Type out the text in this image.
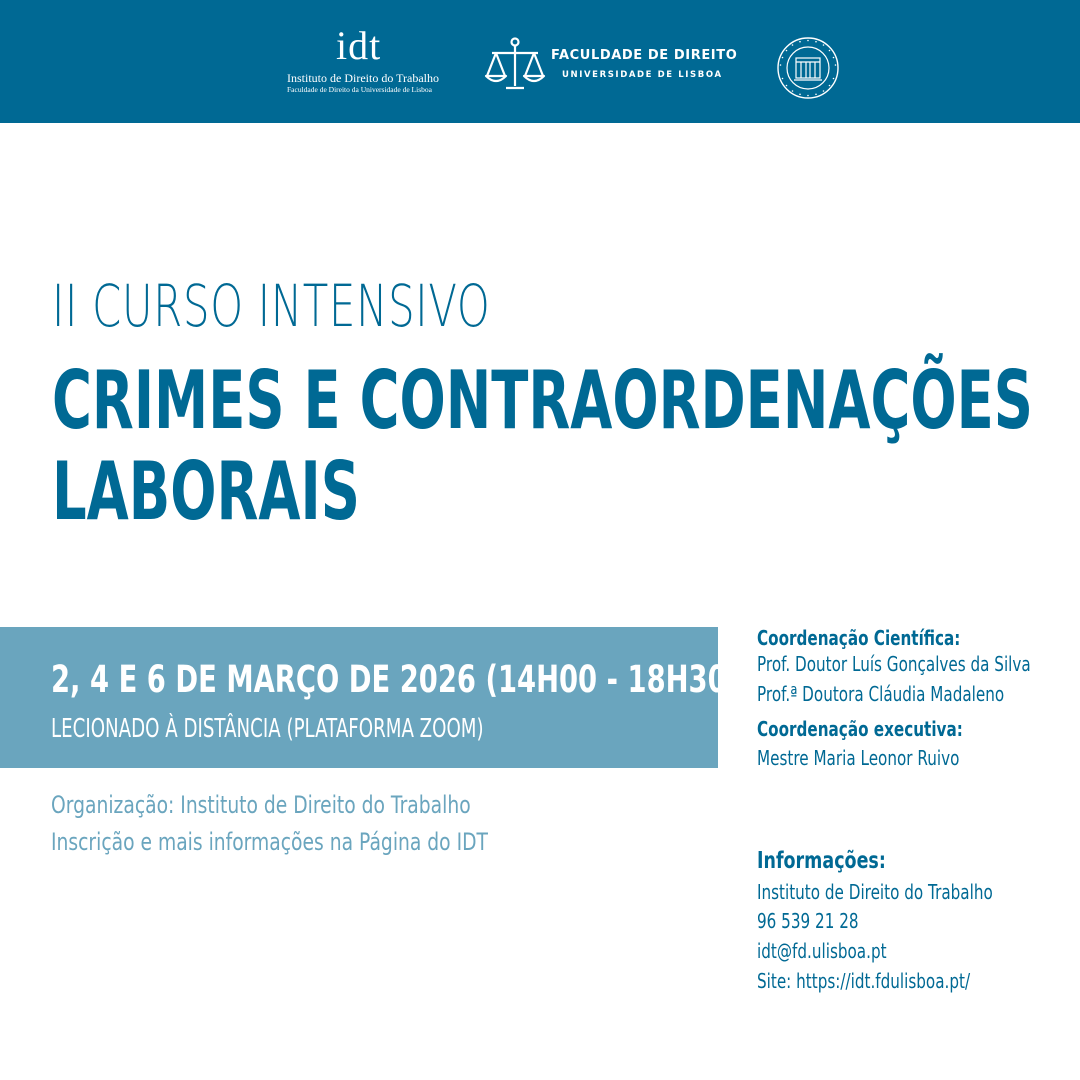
idt
Instituto de Direito do Trabalho
Faculdade de Direito da Universidade de Lisboa
FACULDADE DE DIREITO
UNIVERSIDADE DE LISBOA
II CURSO INTENSIVO
CRIMES E CONTRAORDENAÇÕES
LABORAIS
2, 4 E 6 DE MARÇO DE 2026 (14H00 - 18H30)
LECIONADO À DISTÂNCIA (PLATAFORMA ZOOM)
Organização: Instituto de Direito do Trabalho
Inscrição e mais informações na Página do IDT
Coordenação Científica:
Prof. Doutor Luís Gonçalves da Silva
Prof.ª Doutora Cláudia Madaleno
Coordenação executiva:
Mestre Maria Leonor Ruivo
Informações:
Instituto de Direito do Trabalho
96 539 21 28
idt@fd.ulisboa.pt
Site: https://idt.fdulisboa.pt/
